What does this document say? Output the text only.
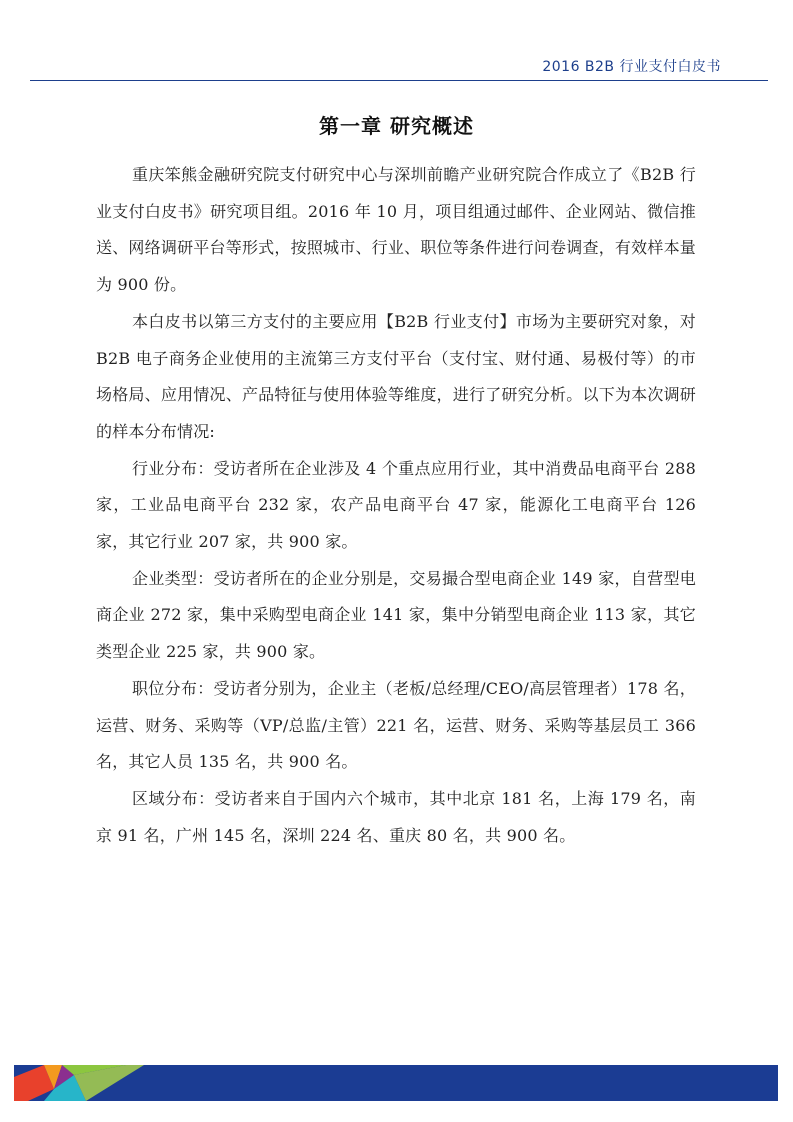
2016 B2B 行业支付白皮书
第一章 研究概述

重庆笨熊金融研究院支付研究中心与深圳前瞻产业研究院合作成立了《B2B 行业支付白皮书》研究项目组。2016 年 10 月，项目组通过邮件、企业网站、微信推送、网络调研平台等形式，按照城市、行业、职位等条件进行问卷调查，有效样本量为 900 份。

本白皮书以第三方支付的主要应用【B2B 行业支付】市场为主要研究对象，对 B2B 电子商务企业使用的主流第三方支付平台（支付宝、财付通、易极付等）的市场格局、应用情况、产品特征与使用体验等维度，进行了研究分析。以下为本次调研的样本分布情况:

行业分布：受访者所在企业涉及 4 个重点应用行业，其中消费品电商平台 288 家，工业品电商平台 232 家，农产品电商平台 47 家，能源化工电商平台 126 家，其它行业 207 家，共 900 家。

企业类型：受访者所在的企业分别是，交易撮合型电商企业 149 家，自营型电商企业 272 家，集中采购型电商企业 141 家，集中分销型电商企业 113 家，其它类型企业 225 家，共 900 家。

职位分布：受访者分别为，企业主（老板/总经理/CEO/高层管理者）178 名，运营、财务、采购等（VP/总监/主管）221 名，运营、财务、采购等基层员工 366 名，其它人员 135 名，共 900 名。

区域分布：受访者来自于国内六个城市，其中北京 181 名，上海 179 名，南京 91 名，广州 145 名，深圳 224 名、重庆 80 名，共 900 名。
